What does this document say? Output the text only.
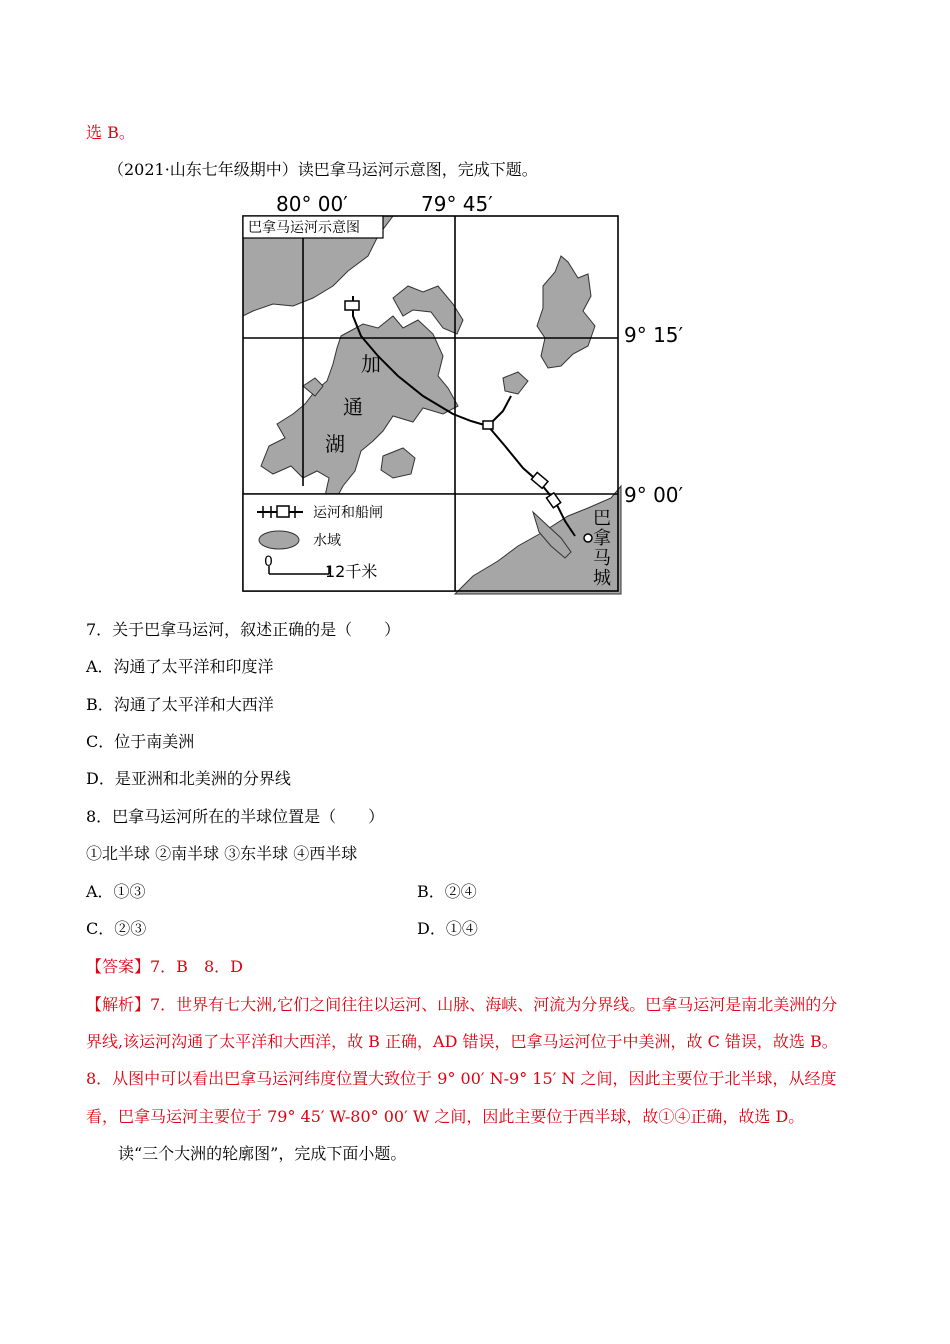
选 B。
（2021·山东七年级期中）读巴拿马运河示意图，完成下题。
80° 00′	79° 45′
9° 15′
9° 00′
巴拿马运河示意图
加
通
湖
巴
拿
马
城
运河和船闸
水域
0	12千米
7．关于巴拿马运河，叙述正确的是（　　）
A．沟通了太平洋和印度洋
B．沟通了太平洋和大西洋
C．位于南美洲
D．是亚洲和北美洲的分界线
8．巴拿马运河所在的半球位置是（　　）
①北半球 ②南半球 ③东半球 ④西半球
A．①③	B．②④
C．②③	D．①④
【答案】7．B　8．D
【解析】7．世界有七大洲,它们之间往往以运河、山脉、海峡、河流为分界线。巴拿马运河是南北美洲的分
界线,该运河沟通了太平洋和大西洋，故 B 正确，AD 错误，巴拿马运河位于中美洲，故 C 错误，故选 B。
8．从图中可以看出巴拿马运河纬度位置大致位于 9° 00′ N-9° 15′ N 之间，因此主要位于北半球，从经度
看，巴拿马运河主要位于 79° 45′ W-80° 00′ W 之间，因此主要位于西半球，故①④正确，故选 D。
读“三个大洲的轮廓图”，完成下面小题。
